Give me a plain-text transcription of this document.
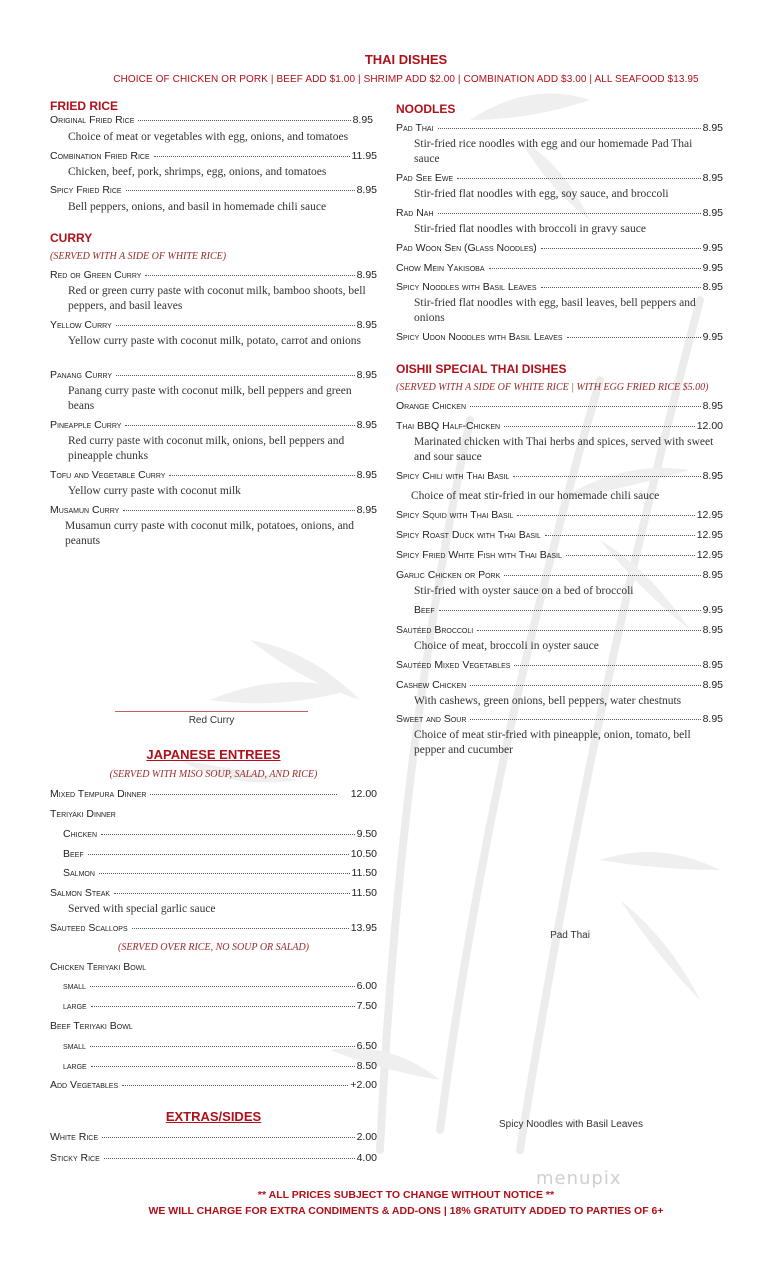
THAI DISHES
CHOICE OF CHICKEN OR PORK | BEEF ADD $1.00 | SHRIMP ADD $2.00 | COMBINATION ADD $3.00 | ALL SEAFOOD $13.95
FRIED RICE
Original Fried Rice	8.95
Choice of meat or vegetables with egg, onions, and tomatoes
Combination Fried Rice	11.95
Chicken, beef, pork, shrimps, egg, onions, and tomatoes
Spicy Fried Rice	8.95
Bell peppers, onions, and basil in homemade chili sauce
CURRY
(SERVED WITH A SIDE OF WHITE RICE)
Red or Green Curry	8.95
Red or green curry paste with coconut milk, bamboo shoots, bell peppers, and basil leaves
Yellow Curry	8.95
Yellow curry paste with coconut milk, potato, carrot and onions
Panang Curry	8.95
Panang curry paste with coconut milk, bell peppers and green beans
Pineapple Curry	8.95
Red curry paste with coconut milk, onions, bell peppers and pineapple chunks
Tofu and Vegetable Curry	8.95
Yellow curry paste with coconut milk
Musamun Curry	8.95
Musamun curry paste with coconut milk, potatoes, onions, and peanuts
Red Curry
JAPANESE ENTREES
(SERVED WITH MISO SOUP, SALAD, AND RICE)
Mixed Tempura Dinner	12.00
Teriyaki Dinner
Chicken	9.50
Beef	10.50
Salmon	11.50
Salmon Steak	11.50
Served with special garlic sauce
Sauteed Scallops	13.95
(SERVED OVER RICE, NO SOUP OR SALAD)
Chicken Teriyaki Bowl
small	6.00
large	7.50
Beef Teriyaki Bowl
small	6.50
large	8.50
Add Vegetables	+2.00
EXTRAS/SIDES
White Rice	2.00
Sticky Rice	4.00
NOODLES
Pad Thai	8.95
Stir-fried rice noodles with egg and our homemade Pad Thai sauce
Pad See Ewe	8.95
Stir-fried flat noodles with egg, soy sauce, and broccoli
Rad Nah	8.95
Stir-fried flat noodles with broccoli in gravy sauce
Pad Woon Sen (Glass Noodles)	9.95
Chow Mein Yakisoba	9.95
Spicy Noodles with Basil Leaves	8.95
Stir-fried flat noodles with egg, basil leaves, bell peppers and onions
Spicy Udon Noodles with Basil Leaves	9.95
OISHII SPECIAL THAI DISHES
(SERVED WITH A SIDE OF WHITE RICE | WITH EGG FRIED RICE $5.00)
Orange Chicken	8.95
Thai BBQ Half-Chicken	12.00
Marinated chicken with Thai herbs and spices, served with sweet and sour sauce
Spicy Chili with Thai Basil	8.95
Choice of meat stir-fried in our homemade chili sauce
Spicy Squid with Thai Basil	12.95
Spicy Roast Duck with Thai Basil	12.95
Spicy Fried White Fish with Thai Basil	12.95
Garlic Chicken or Pork	8.95
Stir-fried with oyster sauce on a bed of broccoli
Beef	9.95
Sautéed Broccoli	8.95
Choice of meat, broccoli in oyster sauce
Sautéed Mixed Vegetables	8.95
Cashew Chicken	8.95
With cashews, green onions, bell peppers, water chestnuts
Sweet and Sour	8.95
Choice of meat stir-fried with pineapple, onion, tomato, bell pepper and cucumber
Pad Thai
Spicy Noodles with Basil Leaves
menupix
** ALL PRICES SUBJECT TO CHANGE WITHOUT NOTICE **
WE WILL CHARGE FOR EXTRA CONDIMENTS & ADD-ONS | 18% GRATUITY ADDED TO PARTIES OF 6+
